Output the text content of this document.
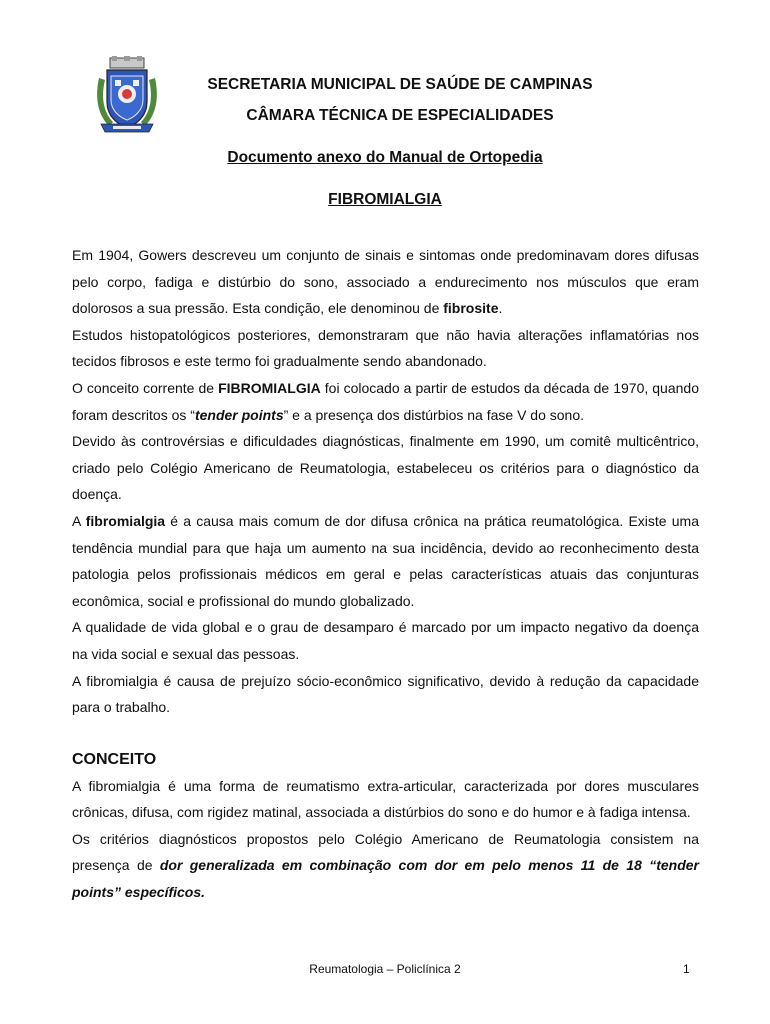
SECRETARIA MUNICIPAL DE SAÚDE DE CAMPINAS
CÂMARA TÉCNICA DE ESPECIALIDADES
Documento anexo do Manual de Ortopedia
FIBROMIALGIA

Em 1904, Gowers descreveu um conjunto de sinais e sintomas onde predominavam dores difusas pelo corpo, fadiga e distúrbio do sono, associado a endurecimento nos músculos que eram dolorosos a sua pressão. Esta condição, ele denominou de fibrosite.

Estudos histopatológicos posteriores, demonstraram que não havia alterações inflamatórias nos tecidos fibrosos e este termo foi gradualmente sendo abandonado.

O conceito corrente de FIBROMIALGIA foi colocado a partir de estudos da década de 1970, quando foram descritos os “tender points” e a presença dos distúrbios na fase V do sono.

Devido às controvérsias e dificuldades diagnósticas, finalmente em 1990, um comitê multicêntrico, criado pelo Colégio Americano de Reumatologia, estabeleceu os critérios para o diagnóstico da doença.

A fibromialgia é a causa mais comum de dor difusa crônica na prática reumatológica. Existe uma tendência mundial para que haja um aumento na sua incidência, devido ao reconhecimento desta patologia pelos profissionais médicos em geral e pelas características atuais das conjunturas econômica, social e profissional do mundo globalizado.

A qualidade de vida global e o grau de desamparo é marcado por um impacto negativo da doença na vida social e sexual das pessoas.

A fibromialgia é causa de prejuízo sócio-econômico significativo, devido à redução da capacidade para o trabalho.

CONCEITO

A fibromialgia é uma forma de reumatismo extra-articular, caracterizada por dores musculares crônicas, difusa, com rigidez matinal, associada a distúrbios do sono e do humor e à fadiga intensa.

Os critérios diagnósticos propostos pelo Colégio Americano de Reumatologia consistem na presença de dor generalizada em combinação com dor em pelo menos 11 de 18 “tender points” específicos.

Reumatologia – Policlínica 2	1
